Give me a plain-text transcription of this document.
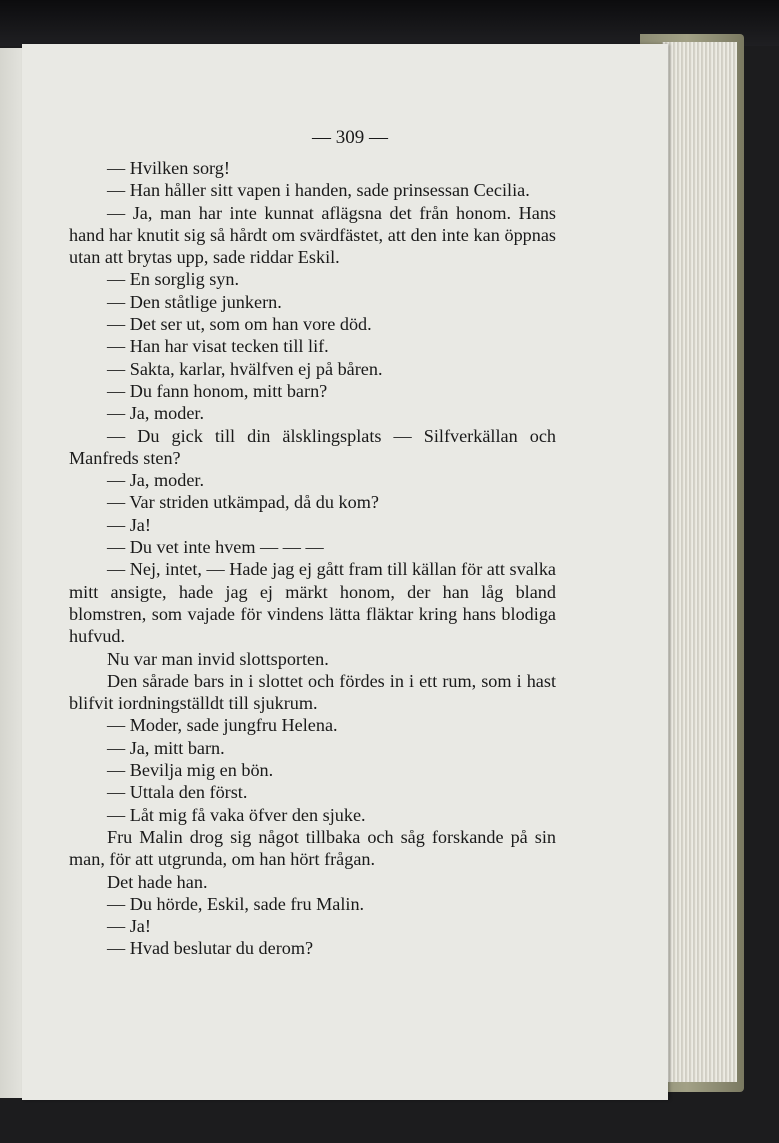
— 309 —

— Hvilken sorg!

— Han håller sitt vapen i handen, sade prinsessan Cecilia.

— Ja, man har inte kunnat aflägsna det från honom. Hans hand har knutit sig så hårdt om svärdfästet, att den inte kan öppnas utan att brytas upp, sade riddar Eskil.

— En sorglig syn.

— Den ståtlige junkern.

— Det ser ut, som om han vore död.

— Han har visat tecken till lif.

— Sakta, karlar, hvälfven ej på båren.

— Du fann honom, mitt barn?

— Ja, moder.

— Du gick till din älsklingsplats — Silfverkällan och Manfreds sten?

— Ja, moder.

— Var striden utkämpad, då du kom?

— Ja!

— Du vet inte hvem — — —

— Nej, intet, — Hade jag ej gått fram till källan för att svalka mitt ansigte, hade jag ej märkt honom, der han låg bland blomstren, som vajade för vindens lätta fläktar kring hans blodiga hufvud.

Nu var man invid slottsporten.

Den sårade bars in i slottet och fördes in i ett rum, som i hast blifvit iordningställdt till sjukrum.

— Moder, sade jungfru Helena.

— Ja, mitt barn.

— Bevilja mig en bön.

— Uttala den först.

— Låt mig få vaka öfver den sjuke.

Fru Malin drog sig något tillbaka och såg forskande på sin man, för att utgrunda, om han hört frågan.

Det hade han.

— Du hörde, Eskil, sade fru Malin.

— Ja!

— Hvad beslutar du derom?
